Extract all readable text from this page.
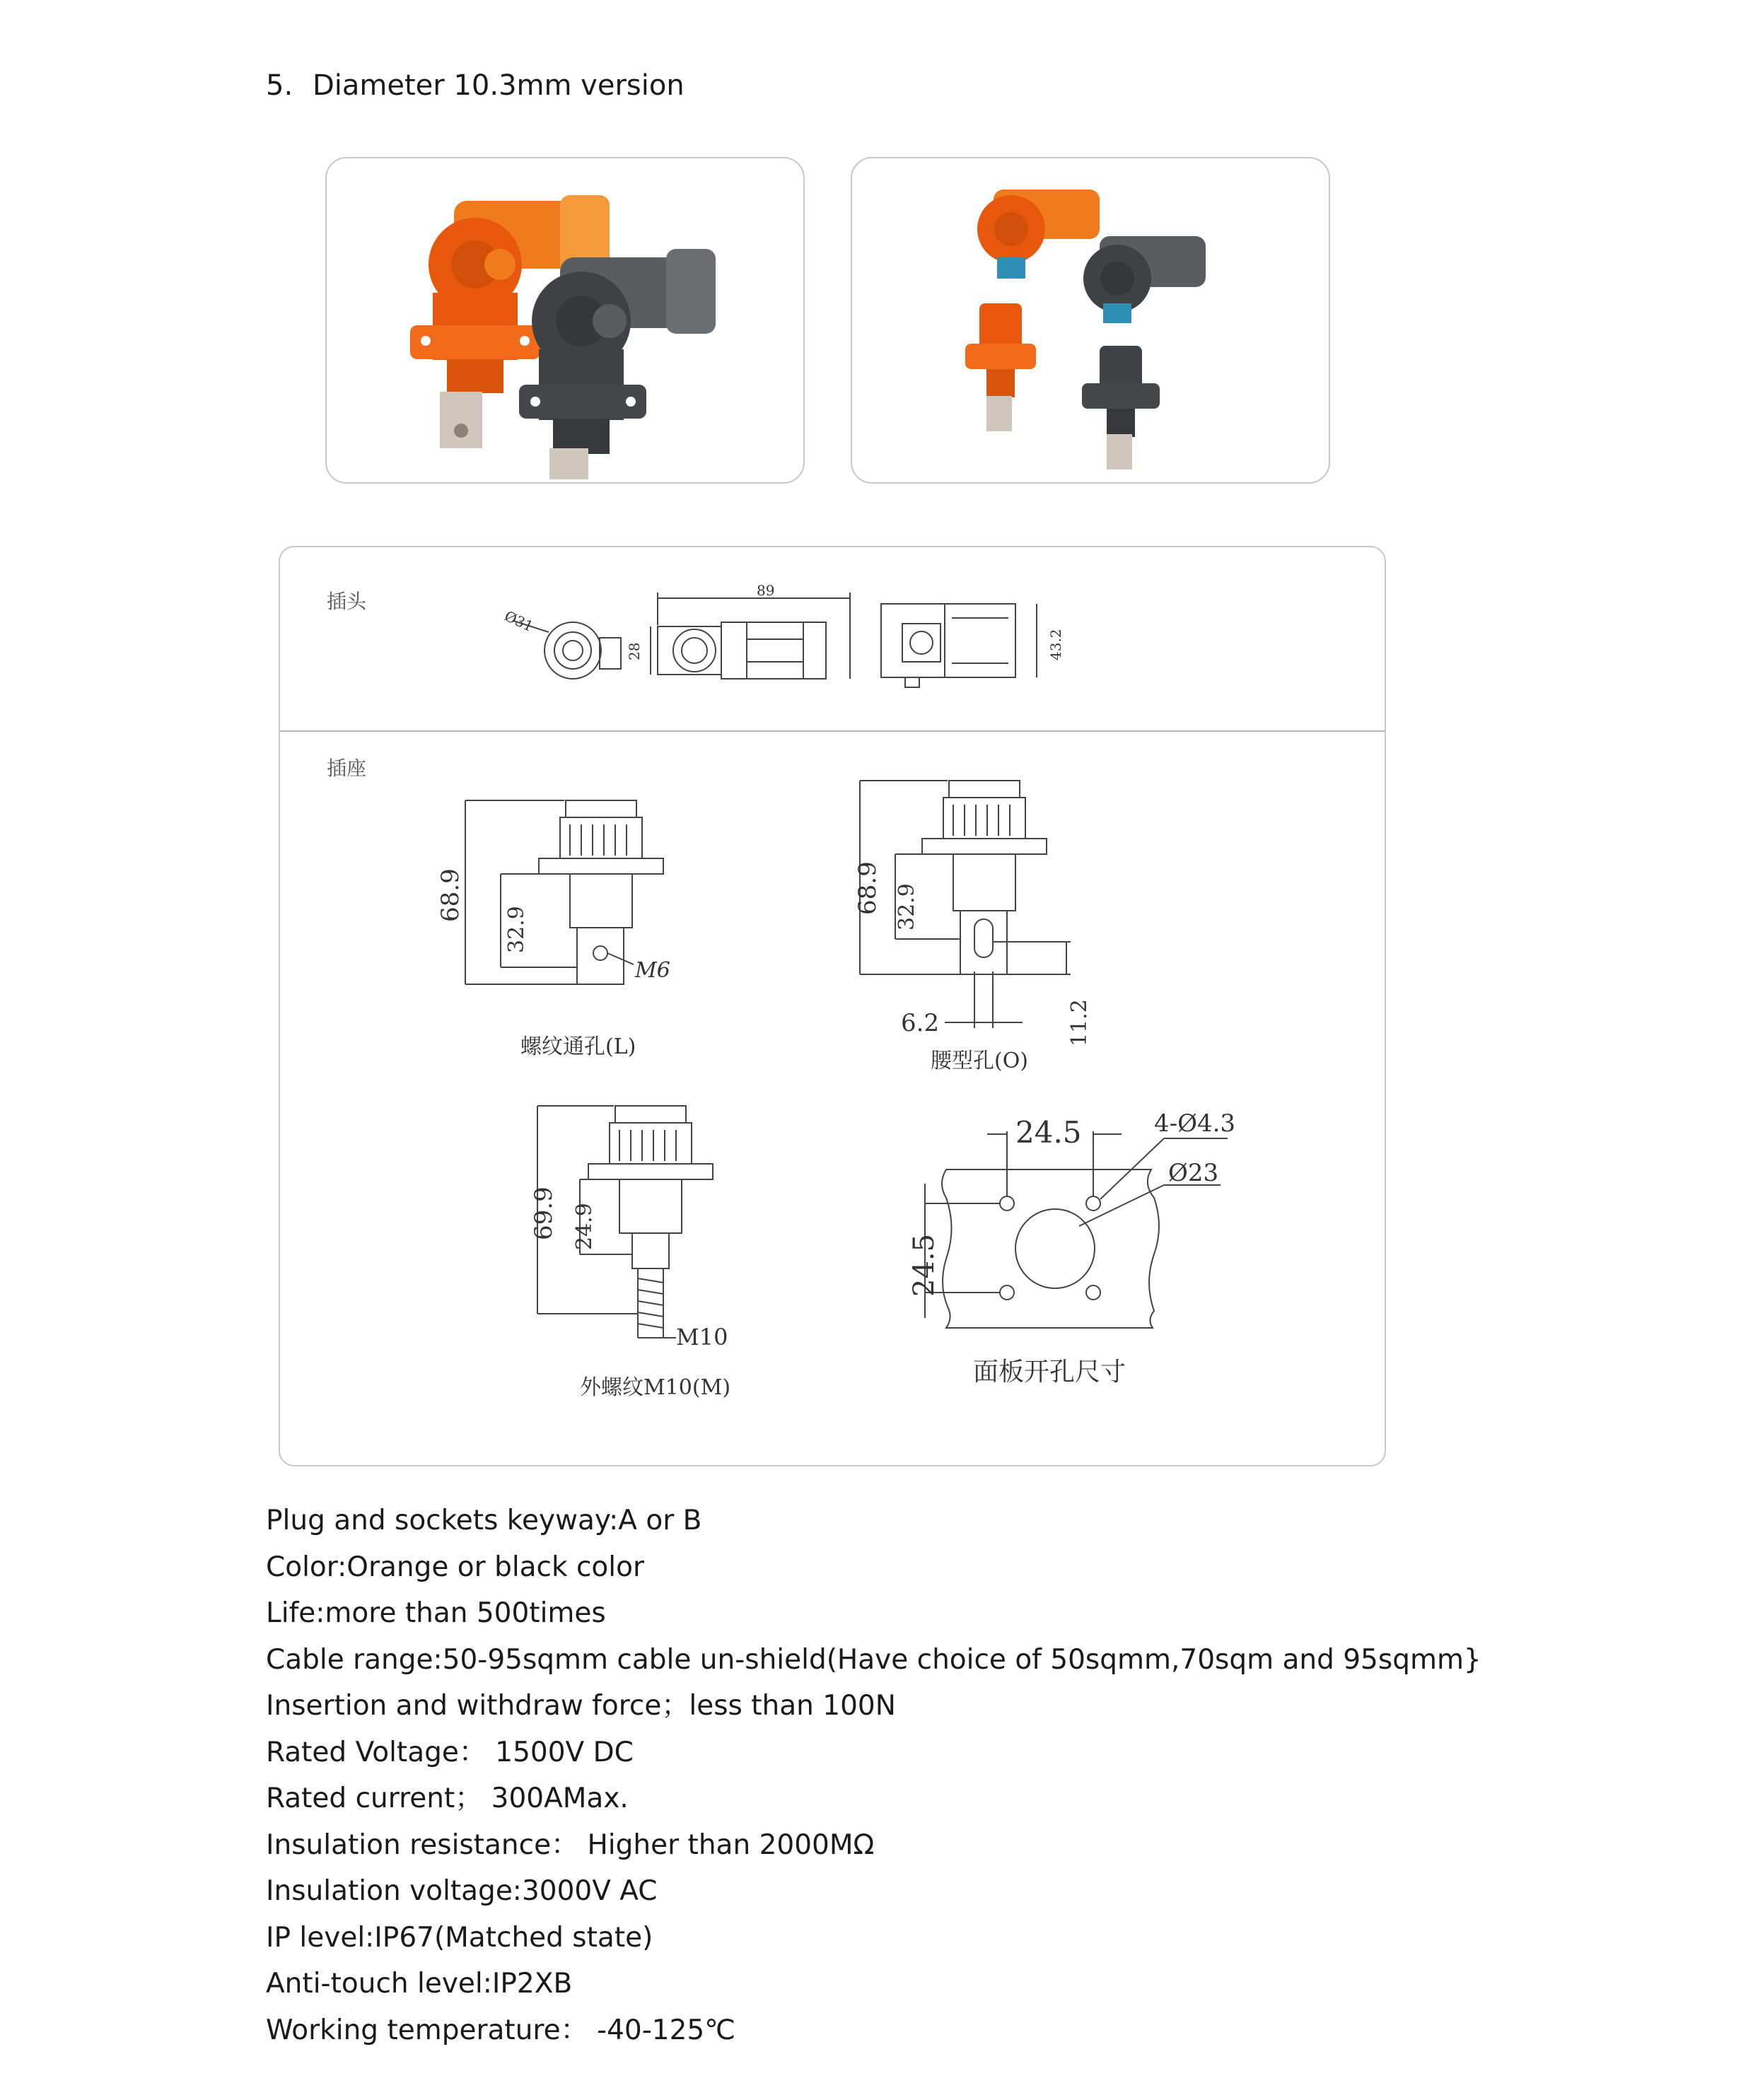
5. Diameter 10.3mm version
插头
插座
Ø31
89
28	43.2
68.9
32.9
M6
螺纹通孔(L)
68.9 32.9
6.2	11.2
腰型孔(O)
69.9 24.9
M10
外螺纹M10(M)
24.5
24.5
4-Ø4.3
Ø23
面板开孔尺寸
Plug and sockets keyway:A or B
Color:Orange or black color
Life:more than 500times
Cable range:50-95sqmm cable un-shield(Have choice of 50sqmm,70sqm and 95sqmm}
Insertion and withdraw force；less than 100N
Rated Voltage： 1500V DC
Rated current； 300AMax.
Insulation resistance： Higher than 2000MΩ
Insulation voltage:3000V AC
IP level:IP67(Matched state)
Anti-touch level:IP2XB
Working temperature： -40-125℃
